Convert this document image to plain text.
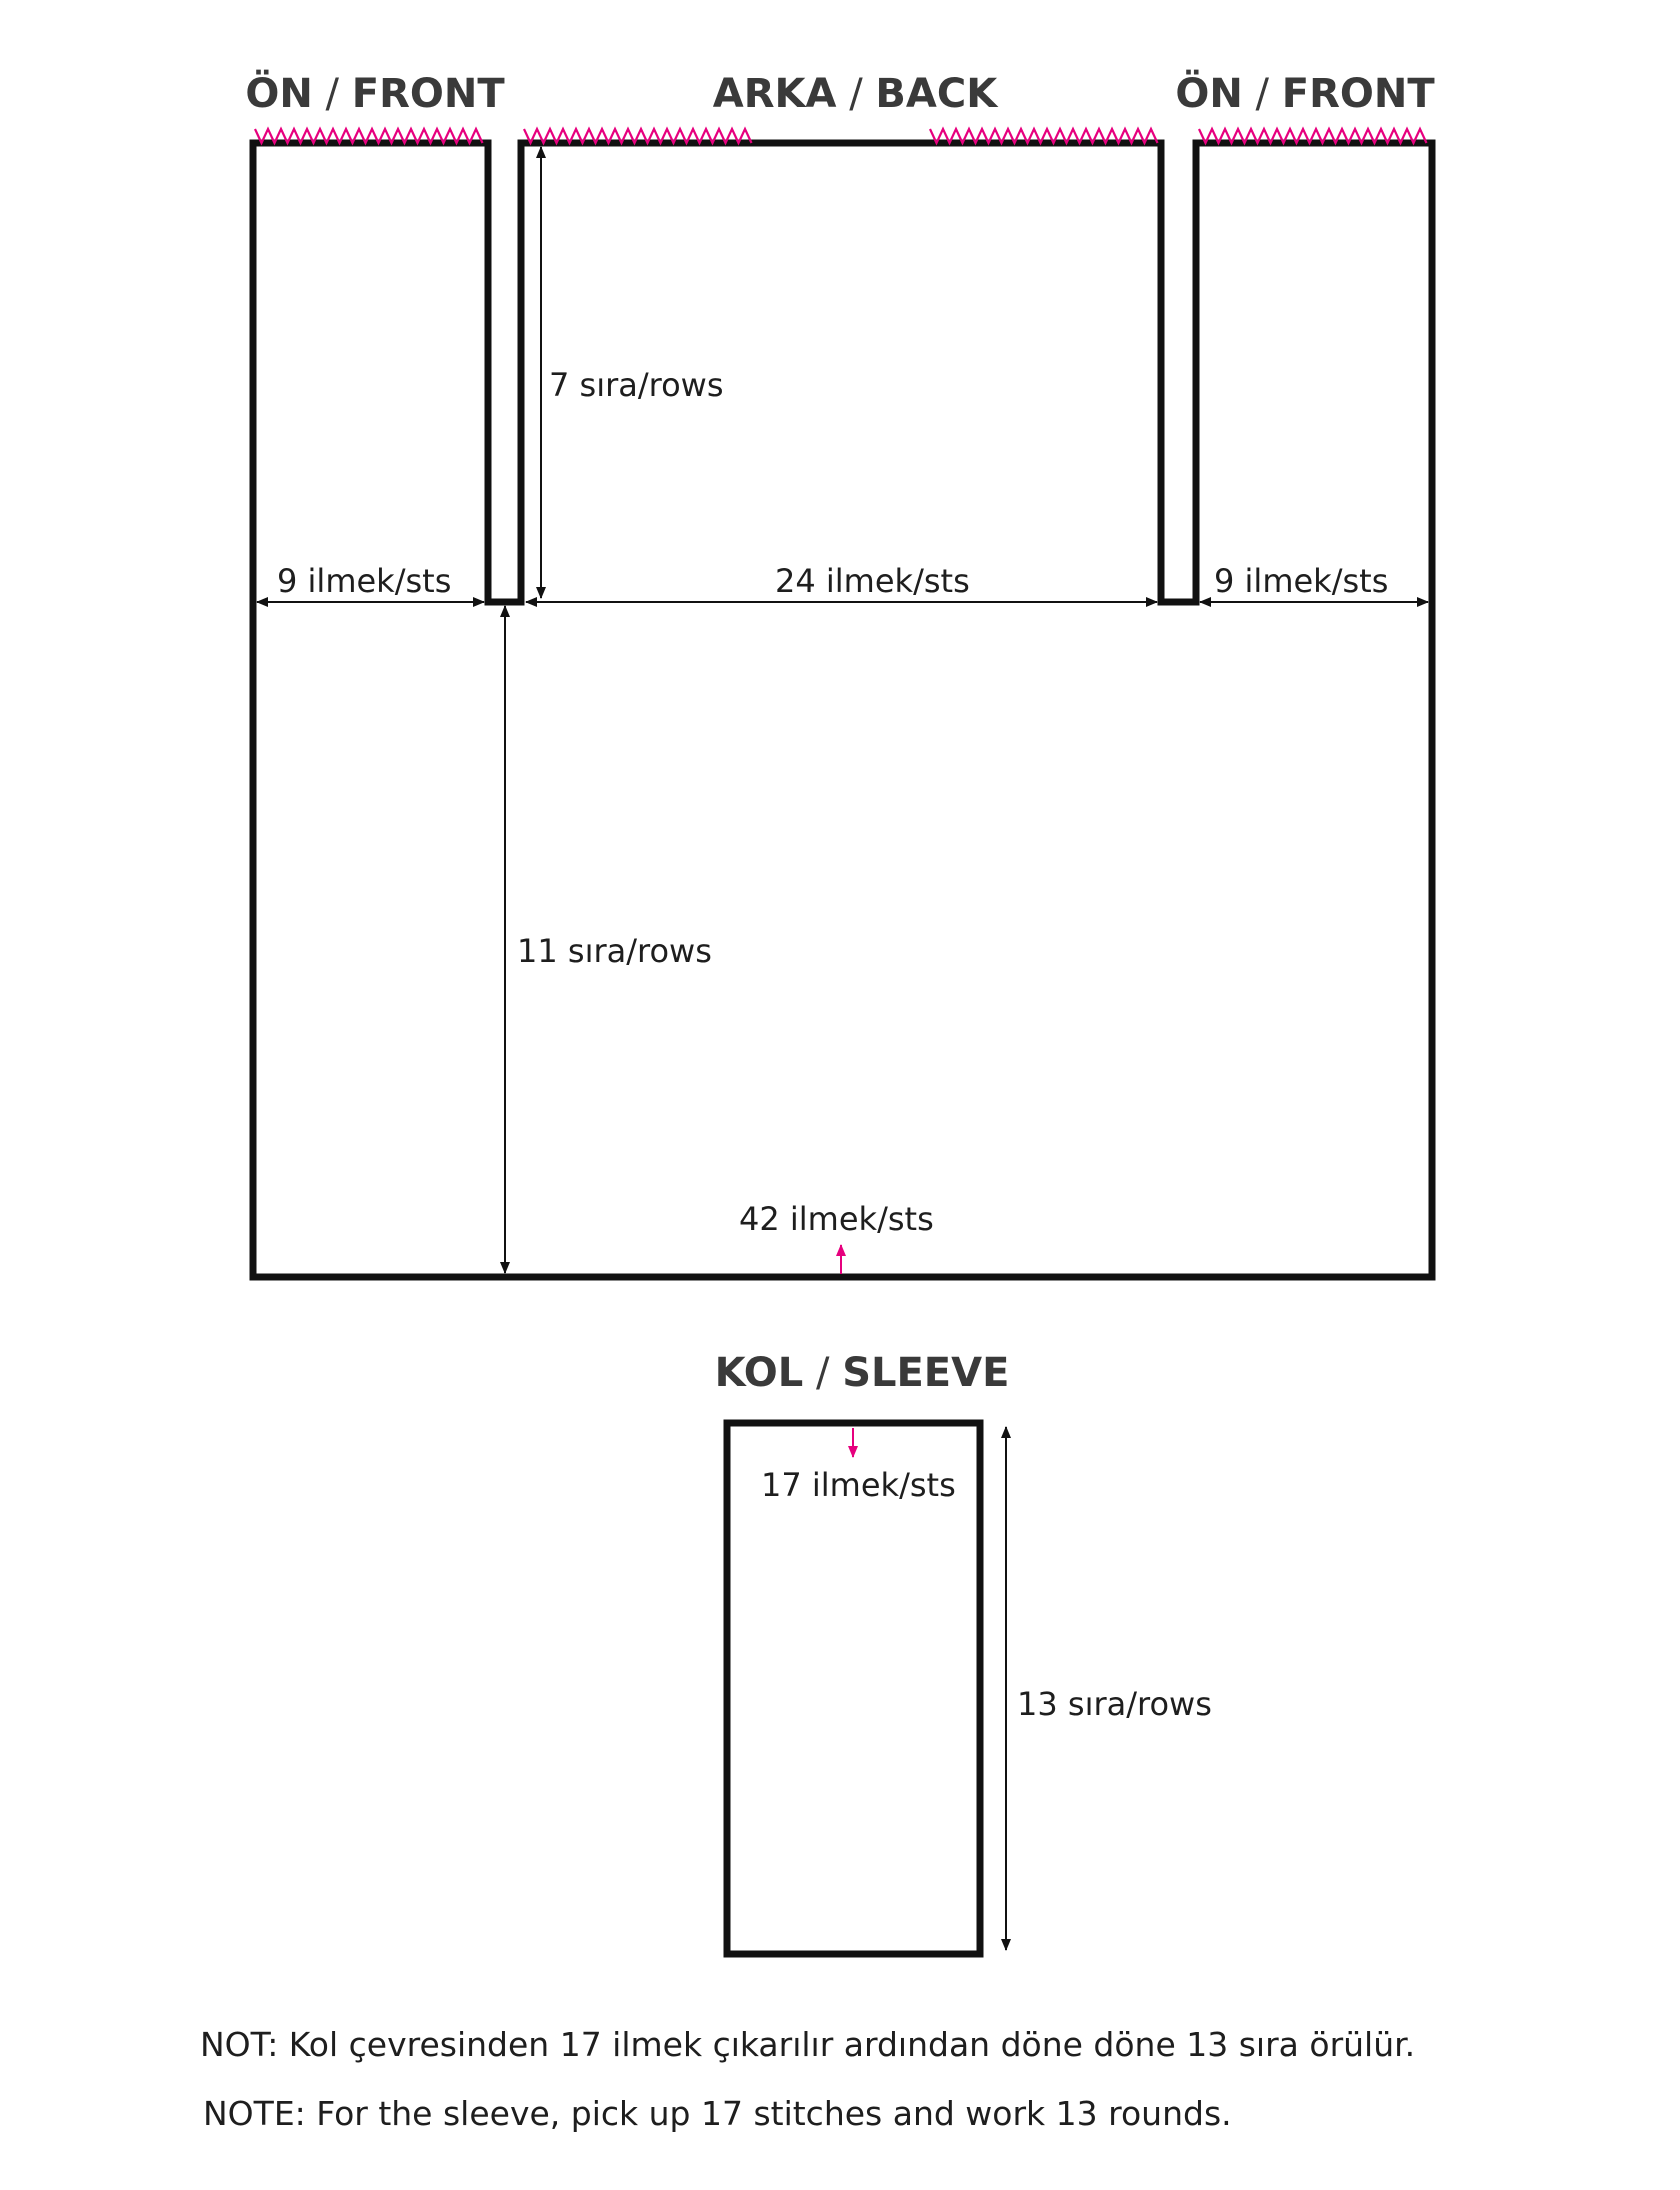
ÖN / FRONT	ARKA / BACK	ÖN / FRONT
9 ilmek/sts	24 ilmek/sts	9 ilmek/sts
7 sıra/rows
11 sıra/rows
42 ilmek/sts
KOL / SLEEVE
17 ilmek/sts
13 sıra/rows
NOT: Kol çevresinden 17 ilmek çıkarılır ardından döne döne 13 sıra örülür.
NOTE: For the sleeve, pick up 17 stitches and work 13 rounds.
